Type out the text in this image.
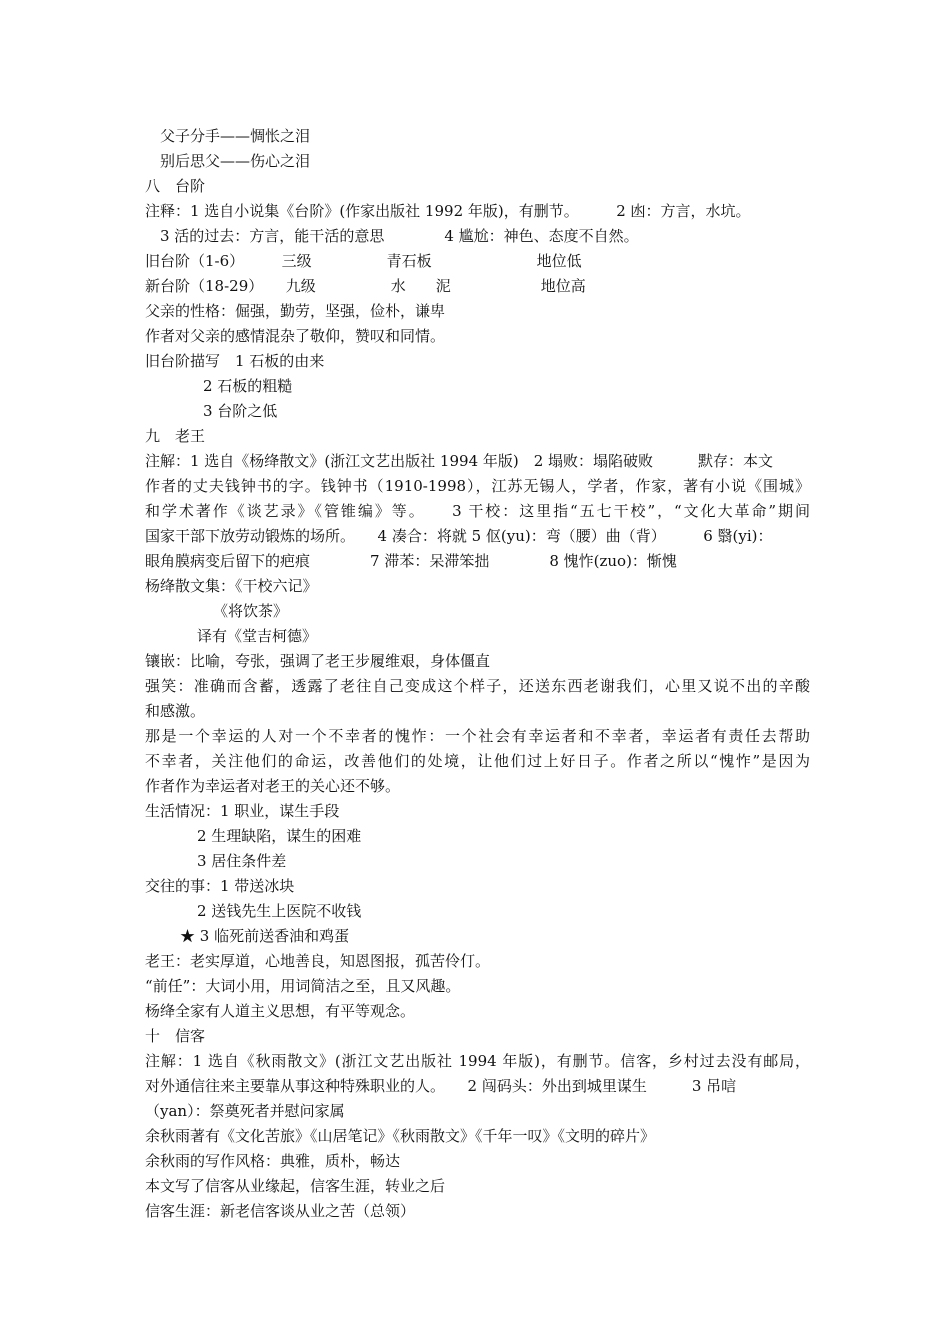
父子分手——惆怅之泪
别后思父——伤心之泪
八　台阶
注释：1 选自小说集《台阶》(作家出版社 1992 年版)，有删节。　　　2 凼：方言，水坑。
3 活的过去：方言，能干活的意思　　　　4 尴尬：神色、态度不自然。
旧台阶（1-6）　　　三级　　　　　青石板　　　　　　　地位低
新台阶（18-29）　　九级　　　　　水　　泥　　　　　　地位高
父亲的性格：倔强，勤劳，坚强，俭朴，谦卑
作者对父亲的感情混杂了敬仰，赞叹和同情。
旧台阶描写　1 石板的由来
2 石板的粗糙
3 台阶之低
九　老王
注解：1 选自《杨绛散文》(浙江文艺出版社 1994 年版)　2 塌败：塌陷破败　　　默存：本文
作者的丈夫钱钟书的字。钱钟书（1910-1998），江苏无锡人，学者，作家，著有小说《围城》
和学术著作《谈艺录》《管锥编》等。　　3 干校：这里指“五七干校”，“文化大革命”期间
国家干部下放劳动锻炼的场所。　　4 凑合：将就 5 伛(yu)：弯（腰）曲（背）　　　6 翳(yi)：
眼角膜病变后留下的疤痕　　　　7 滞苯：呆滞笨拙　　　　8 愧怍(zuo)：惭愧
杨绛散文集：《干校六记》
《将饮茶》
译有《堂吉柯德》
镶嵌：比喻，夸张，强调了老王步履维艰，身体僵直
强笑：准确而含蓄，透露了老往自己变成这个样子，还送东西老谢我们，心里又说不出的辛酸
和感激。
那是一个幸运的人对一个不幸者的愧怍：一个社会有幸运者和不幸者，幸运者有责任去帮助
不幸者，关注他们的命运，改善他们的处境，让他们过上好日子。作者之所以“愧怍”是因为
作者作为幸运者对老王的关心还不够。
生活情况：1 职业，谋生手段
2 生理缺陷，谋生的困难
3 居住条件差
交往的事：1 带送冰块
2 送钱先生上医院不收钱
★ 3 临死前送香油和鸡蛋
老王：老实厚道，心地善良，知恩图报，孤苦伶仃。
“前任”：大词小用，用词简洁之至，且又风趣。
杨绛全家有人道主义思想，有平等观念。
十　信客
注解：1 选自《秋雨散文》(浙江文艺出版社 1994 年版)，有删节。信客，乡村过去没有邮局，
对外通信往来主要靠从事这种特殊职业的人。　　2 闯码头：外出到城里谋生　　　3 吊唁
（yan）：祭奠死者并慰问家属
余秋雨著有《文化苦旅》《山居笔记》《秋雨散文》《千年一叹》《文明的碎片》
余秋雨的写作风格：典雅，质朴，畅达
本文写了信客从业缘起，信客生涯，转业之后
信客生涯：新老信客谈从业之苦（总领）
